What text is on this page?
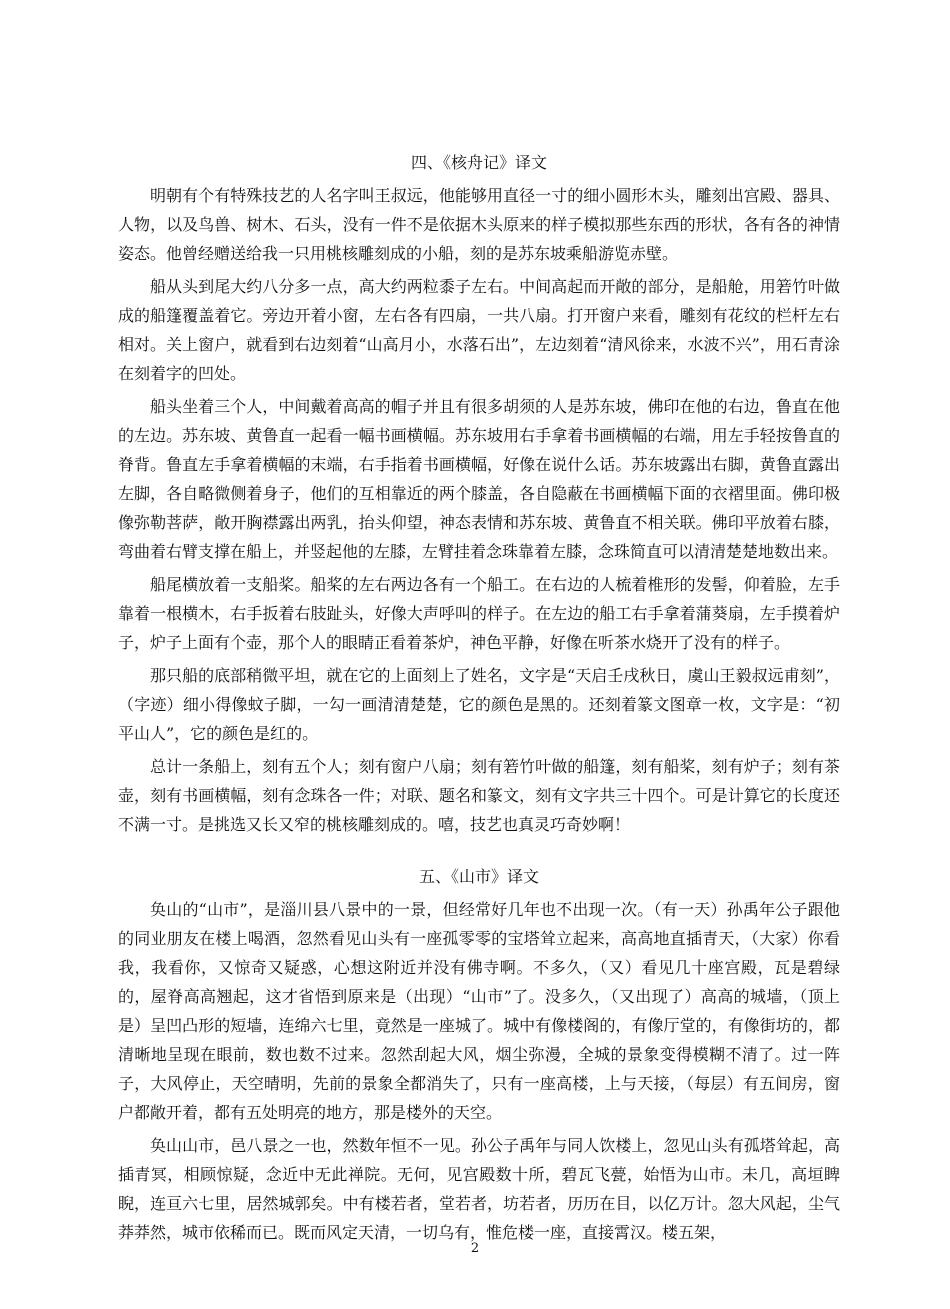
四、《核舟记》译文

明朝有个有特殊技艺的人名字叫王叔远，他能够用直径一寸的细小圆形木头，雕刻出宫殿、器具、人物，以及鸟兽、树木、石头，没有一件不是依据木头原来的样子模拟那些东西的形状，各有各的神情姿态。他曾经赠送给我一只用桃核雕刻成的小船，刻的是苏东坡乘船游览赤壁。

船从头到尾大约八分多一点，高大约两粒黍子左右。中间高起而开敞的部分，是船舱，用箬竹叶做成的船篷覆盖着它。旁边开着小窗，左右各有四扇，一共八扇。打开窗户来看，雕刻有花纹的栏杆左右相对。关上窗户，就看到右边刻着“山高月小，水落石出”，左边刻着“清风徐来，水波不兴”，用石青涂在刻着字的凹处。

船头坐着三个人，中间戴着高高的帽子并且有很多胡须的人是苏东坡，佛印在他的右边，鲁直在他的左边。苏东坡、黄鲁直一起看一幅书画横幅。苏东坡用右手拿着书画横幅的右端，用左手轻按鲁直的脊背。鲁直左手拿着横幅的末端，右手指着书画横幅，好像在说什么话。苏东坡露出右脚，黄鲁直露出左脚，各自略微侧着身子，他们的互相靠近的两个膝盖，各自隐蔽在书画横幅下面的衣褶里面。佛印极像弥勒菩萨，敞开胸襟露出两乳，抬头仰望，神态表情和苏东坡、黄鲁直不相关联。佛印平放着右膝，弯曲着右臂支撑在船上，并竖起他的左膝，左臂挂着念珠靠着左膝，念珠简直可以清清楚楚地数出来。

船尾横放着一支船桨。船桨的左右两边各有一个船工。在右边的人梳着椎形的发髻，仰着脸，左手靠着一根横木，右手扳着右肢趾头，好像大声呼叫的样子。在左边的船工右手拿着蒲葵扇，左手摸着炉子，炉子上面有个壶，那个人的眼睛正看着茶炉，神色平静，好像在听茶水烧开了没有的样子。

那只船的底部稍微平坦，就在它的上面刻上了姓名，文字是“天启壬戌秋日，虞山王毅叔远甫刻”，（字迹）细小得像蚊子脚，一勾一画清清楚楚，它的颜色是黑的。还刻着篆文图章一枚，文字是：“初平山人”，它的颜色是红的。

总计一条船上，刻有五个人；刻有窗户八扇；刻有箬竹叶做的船篷，刻有船桨，刻有炉子；刻有茶壶，刻有书画横幅，刻有念珠各一件；对联、题名和篆文，刻有文字共三十四个。可是计算它的长度还不满一寸。是挑选又长又窄的桃核雕刻成的。嘻，技艺也真灵巧奇妙啊！

五、《山市》译文

奂山的“山市”，是淄川县八景中的一景，但经常好几年也不出现一次。（有一天）孙禹年公子跟他的同业朋友在楼上喝酒，忽然看见山头有一座孤零零的宝塔耸立起来，高高地直插青天，（大家）你看我，我看你，又惊奇又疑惑，心想这附近并没有佛寺啊。不多久，（又）看见几十座宫殿，瓦是碧绿的，屋脊高高翘起，这才省悟到原来是（出现）“山市”了。没多久，（又出现了）高高的城墙，（顶上是）呈凹凸形的短墙，连绵六七里，竟然是一座城了。城中有像楼阁的，有像厅堂的，有像街坊的，都清晰地呈现在眼前，数也数不过来。忽然刮起大风，烟尘弥漫，全城的景象变得模糊不清了。过一阵子，大风停止，天空晴明，先前的景象全都消失了，只有一座高楼，上与天接，（每层）有五间房，窗户都敞开着，都有五处明亮的地方，那是楼外的天空。

奂山山市，邑八景之一也，然数年恒不一见。孙公子禹年与同人饮楼上，忽见山头有孤塔耸起，高插青冥，相顾惊疑，念近中无此禅院。无何，见宫殿数十所，碧瓦飞甍，始悟为山市。未几，高垣睥睨，连亘六七里，居然城郭矣。中有楼若者，堂若者，坊若者，历历在目，以亿万计。忽大风起，尘气莽莽然，城市依稀而已。既而风定天清，一切乌有，惟危楼一座，直接霄汉。楼五架，

2
